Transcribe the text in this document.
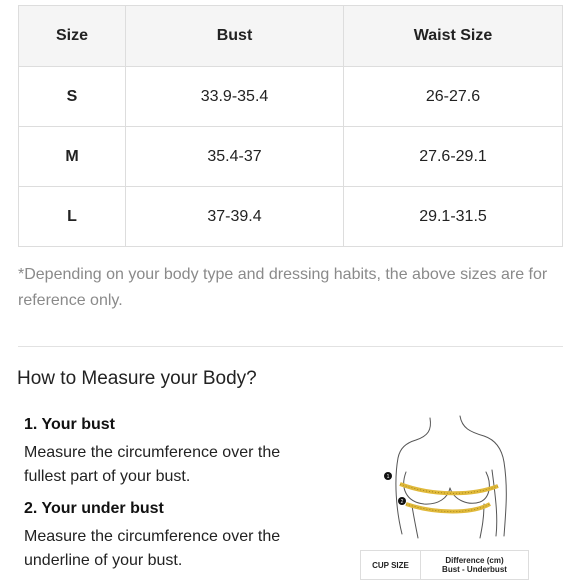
Size	Bust	Waist Size
S	33.9-35.4	26-27.6
M	35.4-37	27.6-29.1
L	37-39.4	29.1-31.5

*Depending on your body type and dressing habits, the above sizes are for reference only.

How to Measure your Body?

1. Your bust

Measure the circumference over the fullest part of your bust.

2. Your under bust

Measure the circumference over the underline of your bust.

1
2
CUP SIZE	Difference (cm)
Bust - Underbust
